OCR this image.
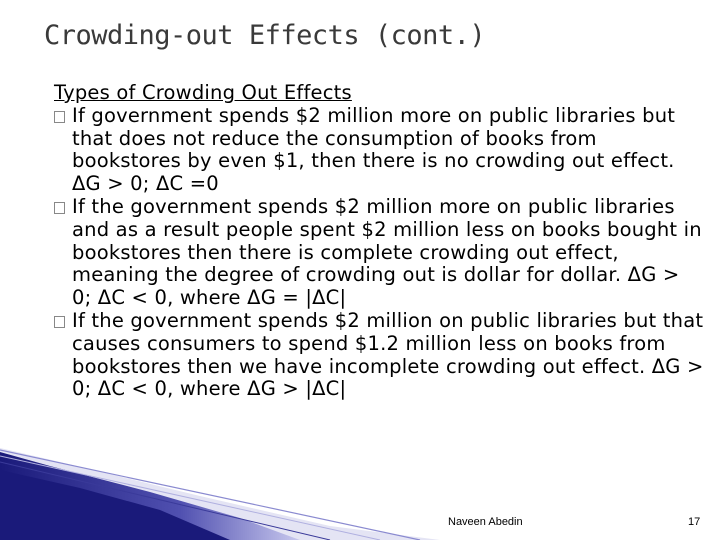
Crowding-out Effects (cont.)
Types of Crowding Out Effects
If government spends $2 million more on public libraries but that does not reduce the consumption of books from bookstores by even $1, then there is no crowding out effect. ΔG > 0; ΔC =0
If the government spends $2 million more on public libraries and as a result people spent $2 million less on books bought in bookstores then there is complete crowding out effect, meaning the degree of crowding out is dollar for dollar. ΔG > 0; ΔC < 0, where ΔG = |ΔC|
If the government spends $2 million on public libraries but that causes consumers to spend $1.2 million less on books from bookstores then we have incomplete crowding out effect. ΔG > 0; ΔC < 0, where ΔG > |ΔC|
Naveen Abedin	17
